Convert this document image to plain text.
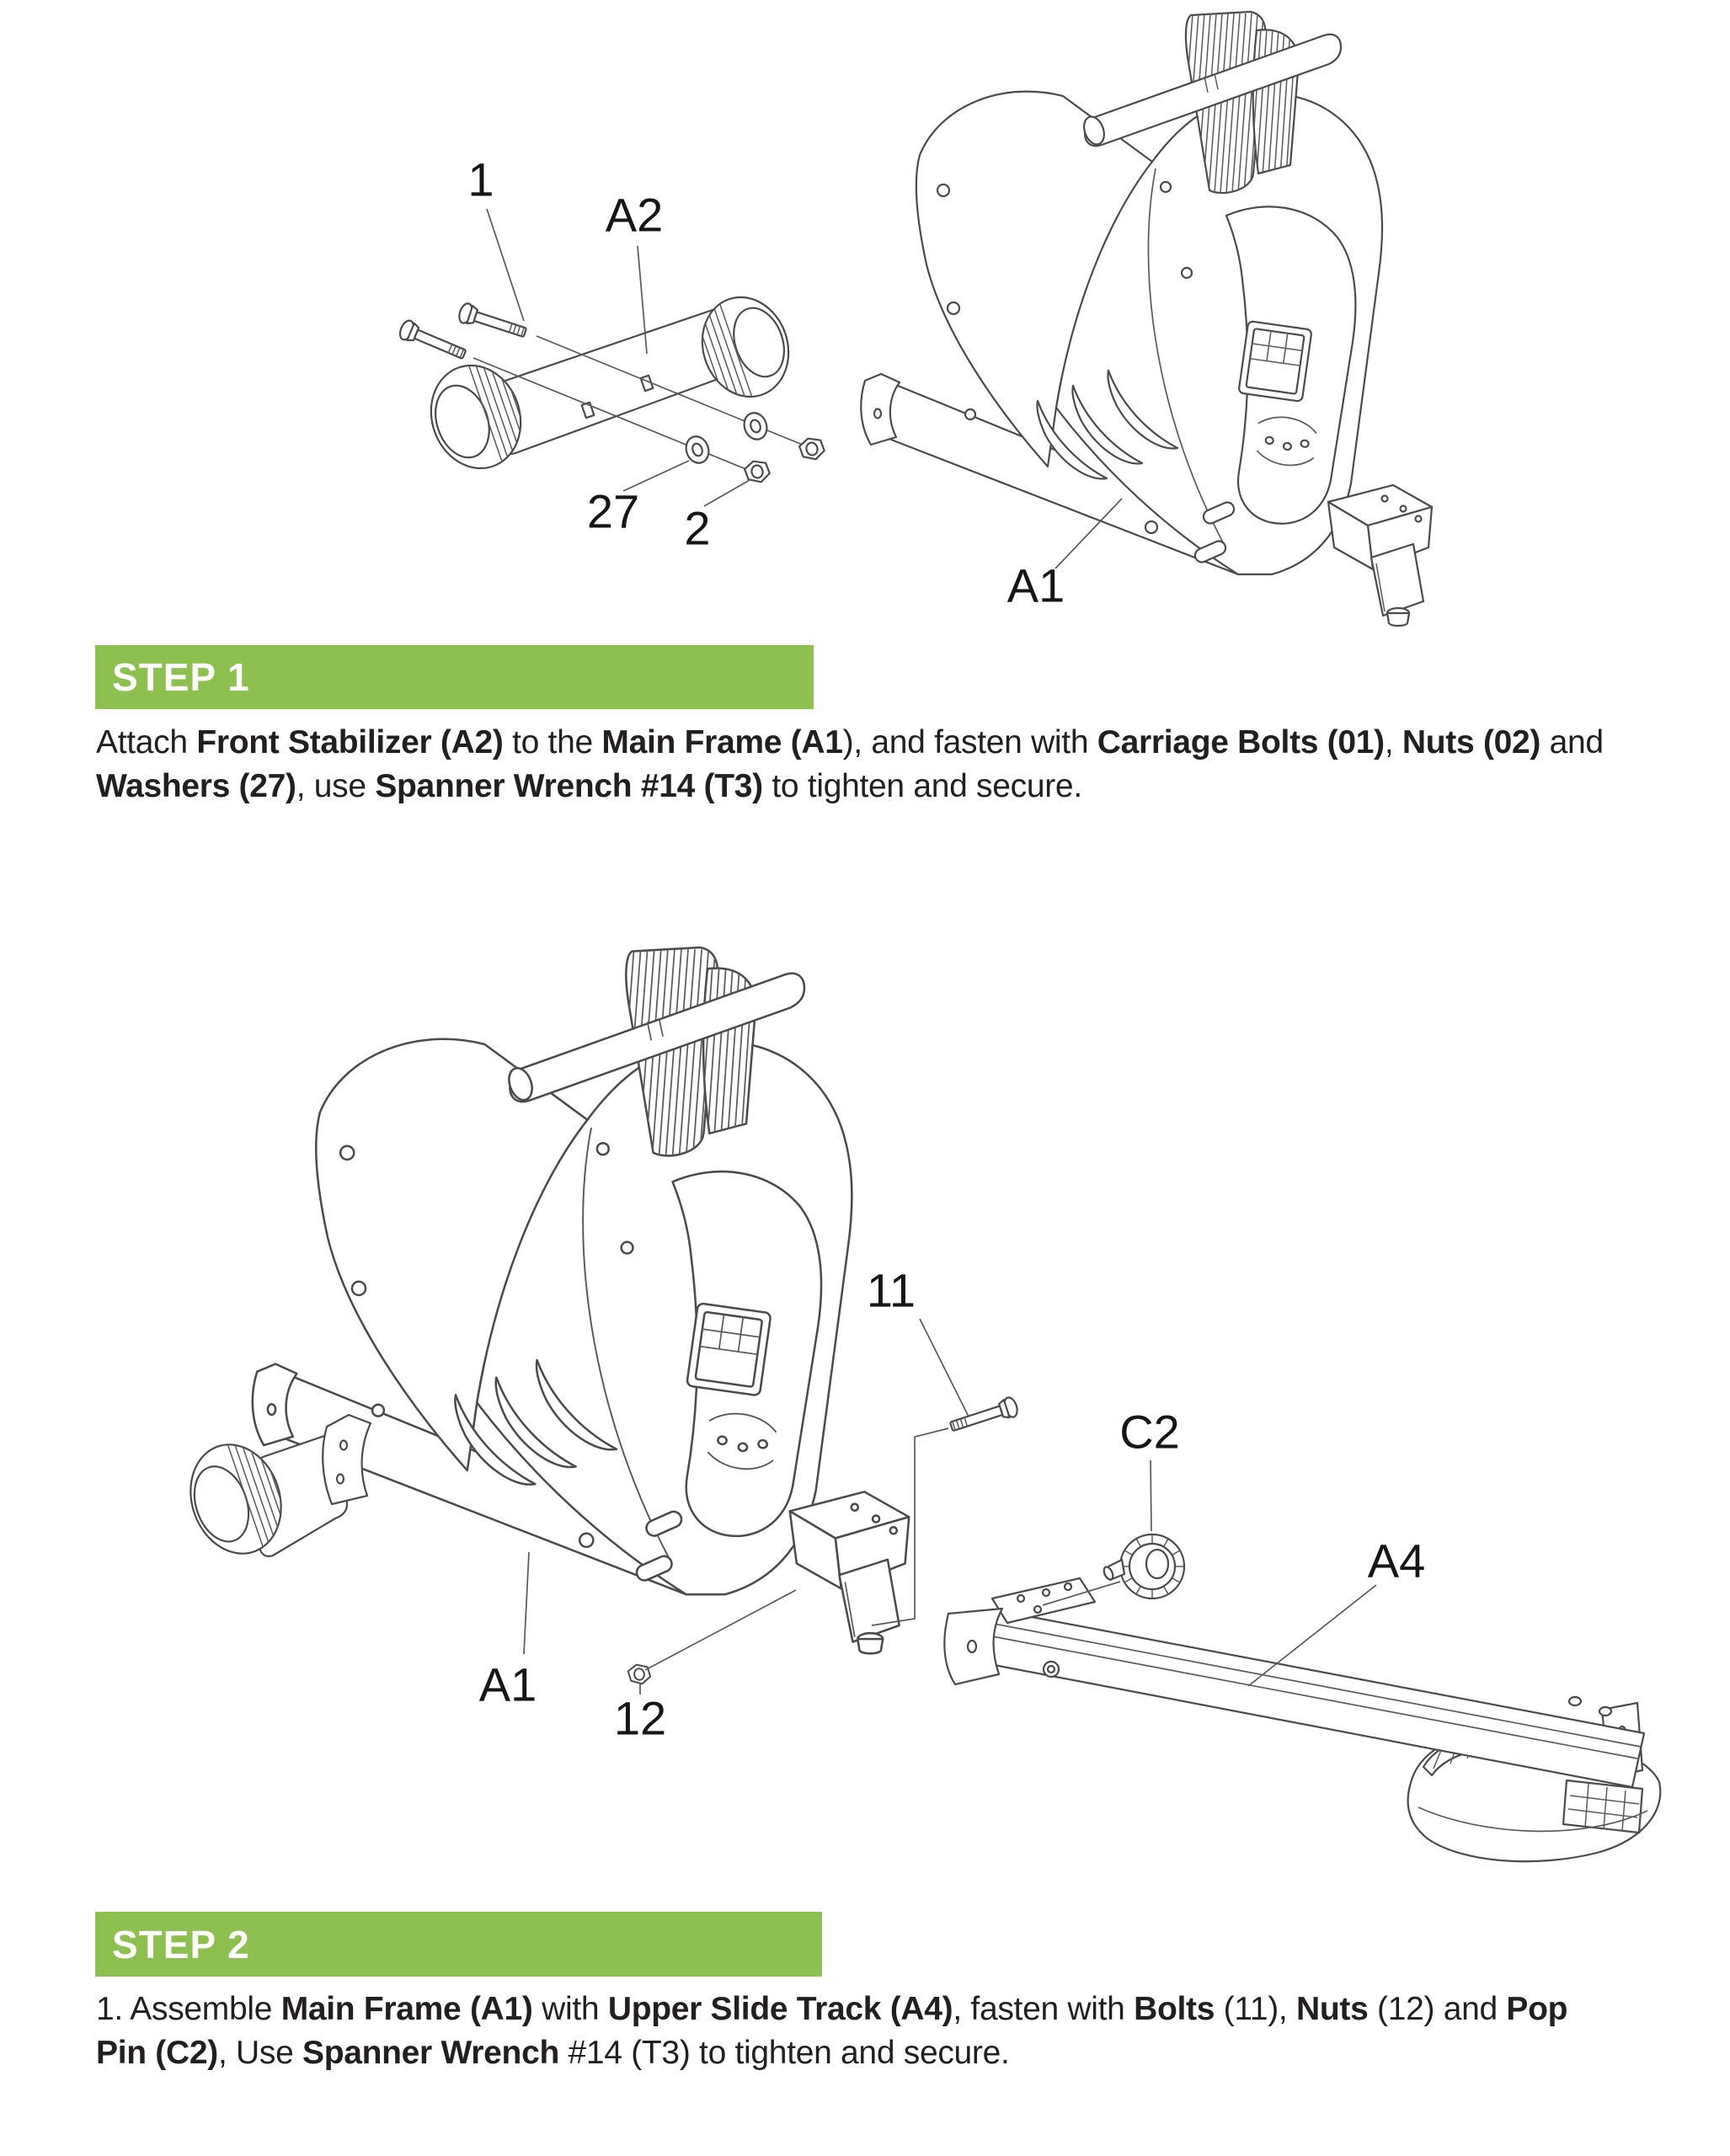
1
A2
27 2
A1
11
C2
A4
A1
12
STEP 1
Attach Front Stabilizer (A2) to the Main Frame (A1), and fasten with Carriage Bolts (01), Nuts (02) and
Washers (27), use Spanner Wrench #14 (T3) to tighten and secure.
STEP 2
1. Assemble Main Frame (A1) with Upper Slide Track (A4), fasten with Bolts (11), Nuts (12) and Pop
Pin (C2), Use Spanner Wrench #14 (T3) to tighten and secure.
